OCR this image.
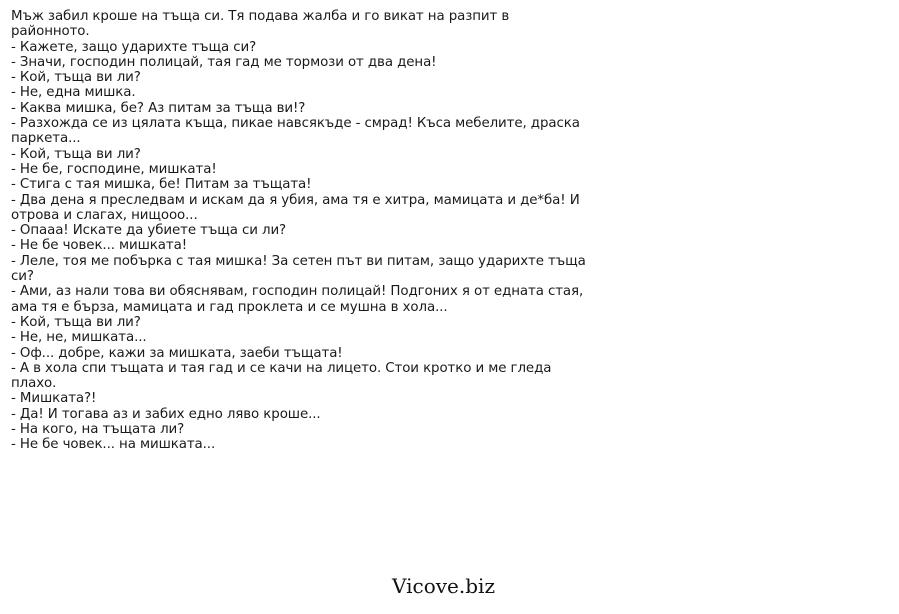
Мъж забил кроше на тъща си. Тя подава жалба и го викат на разпит в районното.
- Кажете, защо ударихте тъща си?
- Значи, господин полицай, тая гад ме тормози от два дена!
- Кой, тъща ви ли?
- Не, една мишка.
- Каква мишка, бе? Аз питам за тъща ви!?
- Разхожда се из цялата къща, пикае навсякъде - смрад! Къса мебелите, драска паркета...
- Кой, тъща ви ли?
- Не бе, господине, мишката!
- Стига с тая мишка, бе! Питам за тъщата!
- Два дена я преследвам и искам да я убия, ама тя е хитра, мамицата и де*ба! И отрова и слагах, нищооо...
- Опааа! Искате да убиете тъща си ли?
- Не бе човек... мишката!
- Леле, тоя ме побърка с тая мишка! За сетен път ви питам, защо ударихте тъща си?
- Ами, аз нали това ви обяснявам, господин полицай! Подгоних я от едната стая, ама тя е бърза, мамицата и гад проклета и се мушна в хола...
- Кой, тъща ви ли?
- Не, не, мишката...
- Оф... добре, кажи за мишката, заеби тъщата!
- А в хола спи тъщата и тая гад и се качи на лицето. Стои кротко и ме гледа плахо.
- Мишката?!
- Да! И тогава аз и забих едно ляво кроше...
- На кого, на тъщата ли?
- Не бе човек... на мишката...
Vicove.biz
